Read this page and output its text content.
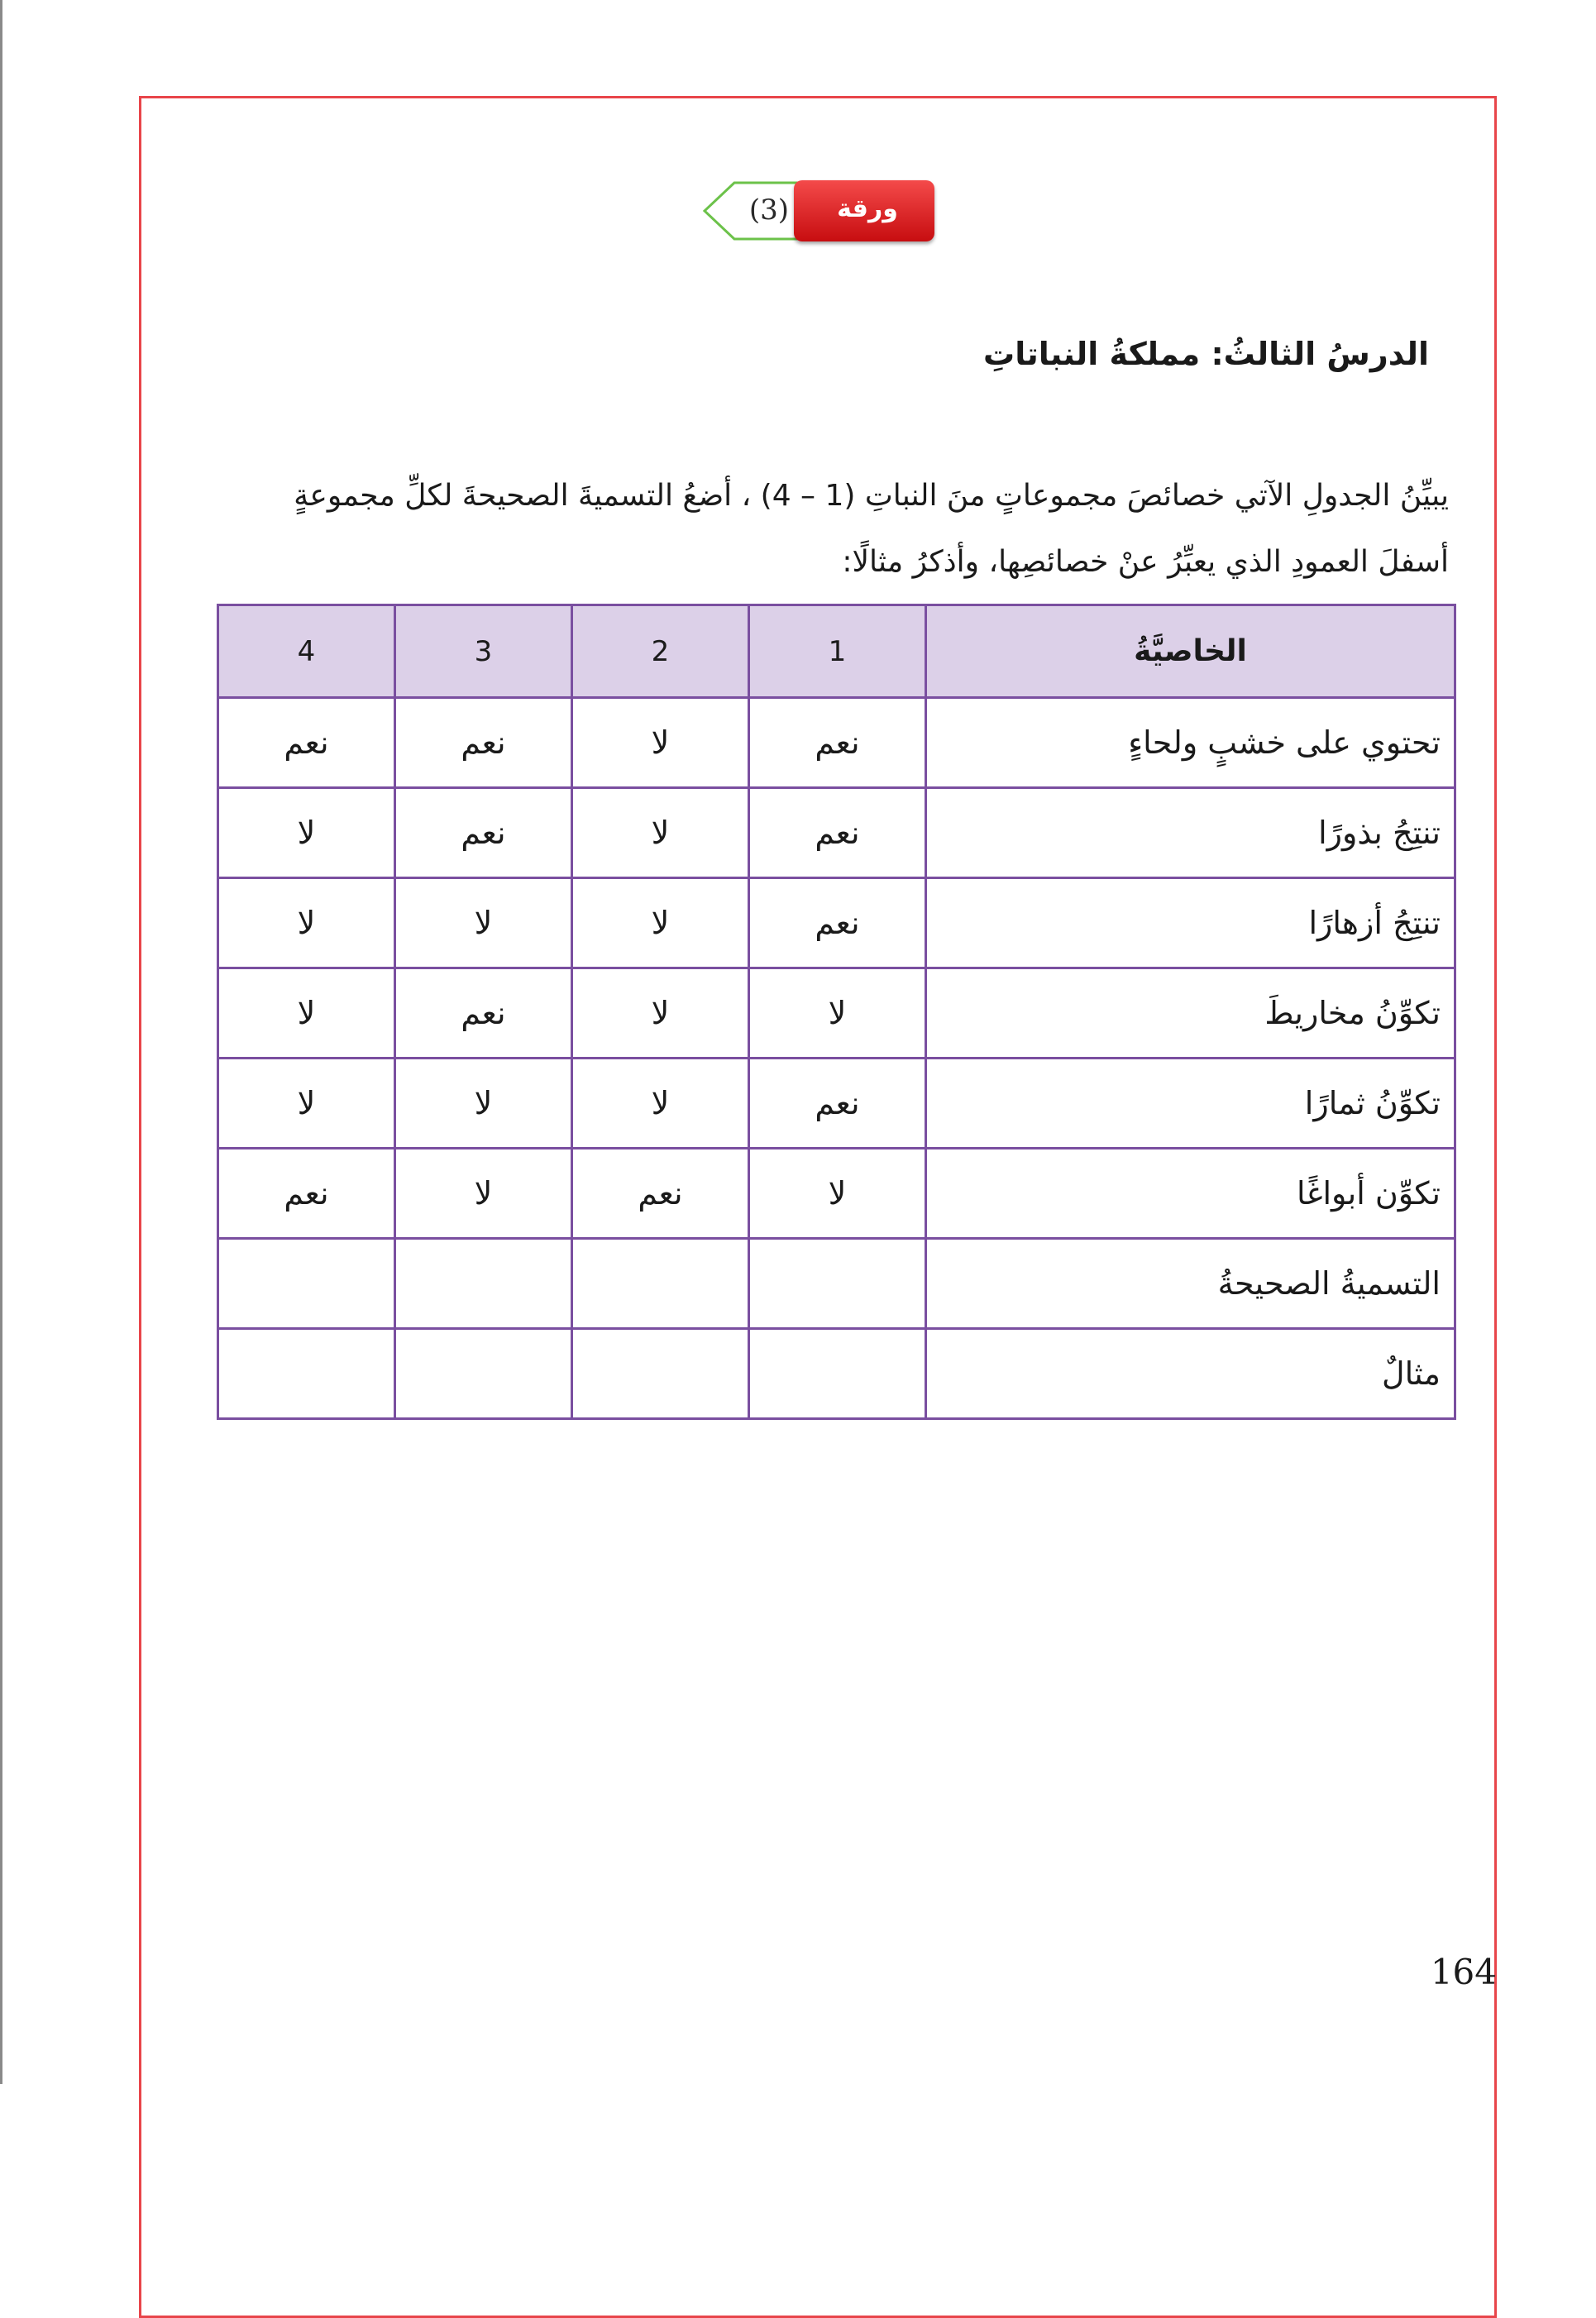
(3)	ورقة عمل
الدرسُ الثالثُ: مملكةُ النباتاتِ
يبيِّنُ الجدولِ الآتي خصائصَ مجموعاتٍ منَ النباتِ (1 – 4) ، أضعُ التسميةَ الصحيحةَ لكلِّ مجموعةٍ
أسفلَ العمودِ الذي يعبِّرُ عنْ خصائصِها، وأذكرُ مثالًا:
الخاصيَّةُ	1	2	3	4
تحتوي على خشبٍ ولحاءٍ	نعم	لا	نعم	نعم
تنتِجُ بذورًا	نعم	لا	نعم	لا
تنتِجُ أزهارًا	نعم	لا	لا	لا
تكوِّنُ مخاريطَ	لا	لا	نعم	لا
تكوِّنُ ثمارًا	نعم	لا	لا	لا
تكوِّن أبواغًا	لا	نعم	لا	نعم
التسميةُ الصحيحةُ				
مثالٌ				
164
